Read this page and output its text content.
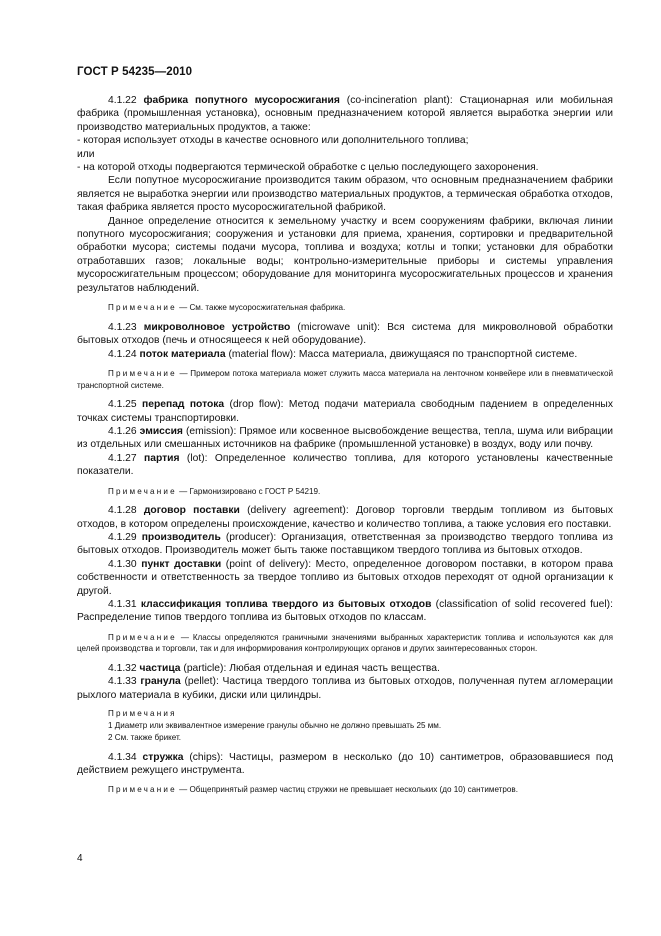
ГОСТ Р 54235—2010

4.1.22 фабрика попутного мусоросжигания (co-incineration plant): Стационарная или мобильная фабрика (промышленная установка), основным предназначением которой является выработка энергии или производство материальных продуктов, а также:

- которая использует отходы в качестве основного или дополнительного топлива;

или

- на которой отходы подвергаются термической обработке с целью последующего захоронения.

Если попутное мусоросжигание производится таким образом, что основным предназначением фабрики является не выработка энергии или производство материальных продуктов, а термическая обработка отходов, такая фабрика является просто мусоросжигательной фабрикой.

Данное определение относится к земельному участку и всем сооружениям фабрики, включая линии попутного мусоросжигания; сооружения и установки для приема, хранения, сортировки и предварительной обработки мусора; системы подачи мусора, топлива и воздуха; котлы и топки; установки для обработки отработавших газов; локальные воды; контрольно-измерительные приборы и системы управления мусоросжигательным процессом; оборудование для мониторинга мусоросжигательных процессов и хранения результатов наблюдений.

Примечание — См. также мусоросжигательная фабрика.

4.1.23 микроволновое устройство (microwave unit): Вся система для микроволновой обработки бытовых отходов (печь и относящееся к ней оборудование).

4.1.24 поток материала (material flow): Масса материала, движущаяся по транспортной системе.

Примечание — Примером потока материала может служить масса материала на ленточном конвейере или в пневматической транспортной системе.

4.1.25 перепад потока (drop flow): Метод подачи материала свободным падением в определенных точках системы транспортировки.

4.1.26 эмиссия (emission): Прямое или косвенное высвобождение вещества, тепла, шума или вибрации из отдельных или смешанных источников на фабрике (промышленной установке) в воздух, воду или почву.

4.1.27 партия (lot): Определенное количество топлива, для которого установлены качественные показатели.

Примечание — Гармонизировано с ГОСТ Р 54219.

4.1.28 договор поставки (delivery agreement): Договор торговли твердым топливом из бытовых отходов, в котором определены происхождение, качество и количество топлива, а также условия его поставки.

4.1.29 производитель (producer): Организация, ответственная за производство твердого топлива из бытовых отходов. Производитель может быть также поставщиком твердого топлива из бытовых отходов.

4.1.30 пункт доставки (point of delivery): Место, определенное договором поставки, в котором права собственности и ответственность за твердое топливо из бытовых отходов переходят от одной организации к другой.

4.1.31 классификация топлива твердого из бытовых отходов (classification of solid recovered fuel): Распределение типов твердого топлива из бытовых отходов по классам.

Примечание — Классы определяются граничными значениями выбранных характеристик топлива и используются как для целей производства и торговли, так и для информирования контролирующих органов и других заинтересованных сторон.

4.1.32 частица (particle): Любая отдельная и единая часть вещества.

4.1.33 гранула (pellet): Частица твердого топлива из бытовых отходов, полученная путем агломерации рыхлого материала в кубики, диски или цилиндры.

Примечания
1 Диаметр или эквивалентное измерение гранулы обычно не должно превышать 25 мм.
2 См. также брикет.

4.1.34 стружка (chips): Частицы, размером в несколько (до 10) сантиметров, образовавшиеся под действием режущего инструмента.

Примечание — Общепринятый размер частиц стружки не превышает нескольких (до 10) сантиметров.

4
